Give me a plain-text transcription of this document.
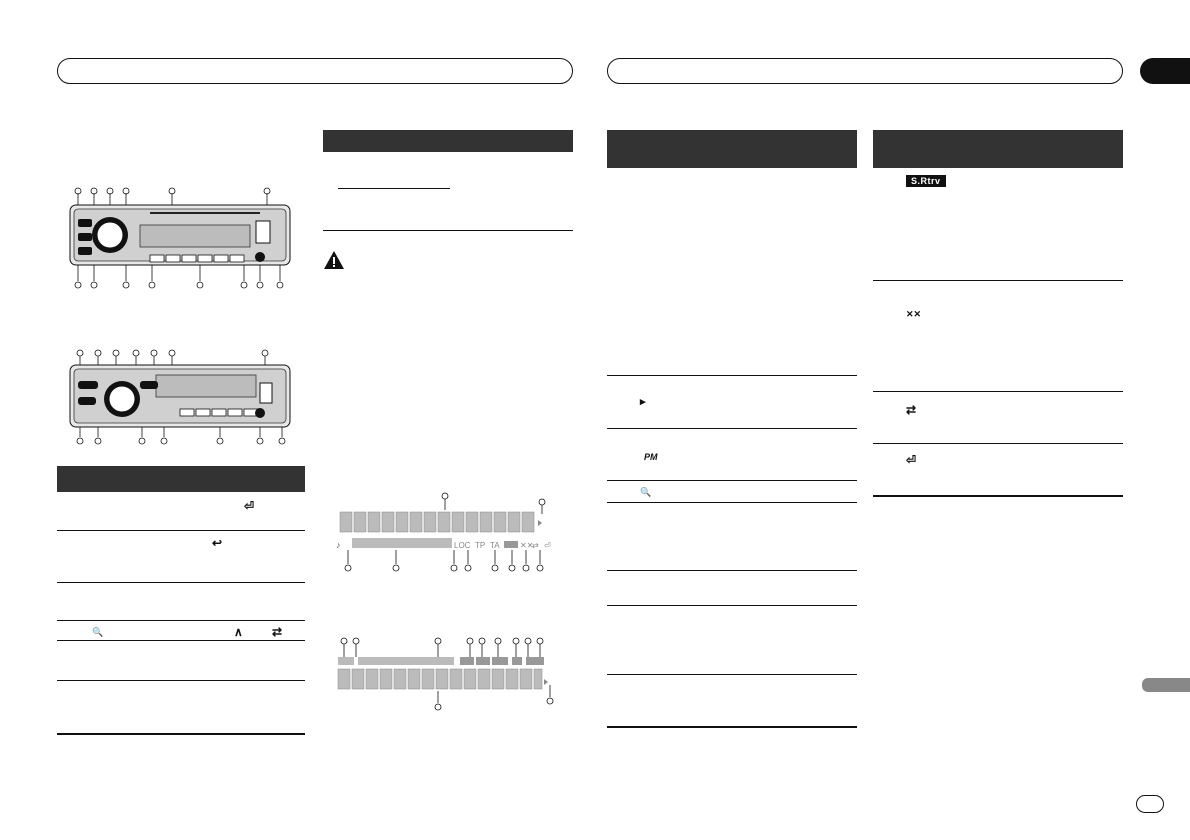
⏎
↩
🔍	∧ ⇄
♪	LOC TP TA	✕✕
⇄ ⏎
▸
PM
🔍
S.Rtrv
✕✕
⇄
⏎
